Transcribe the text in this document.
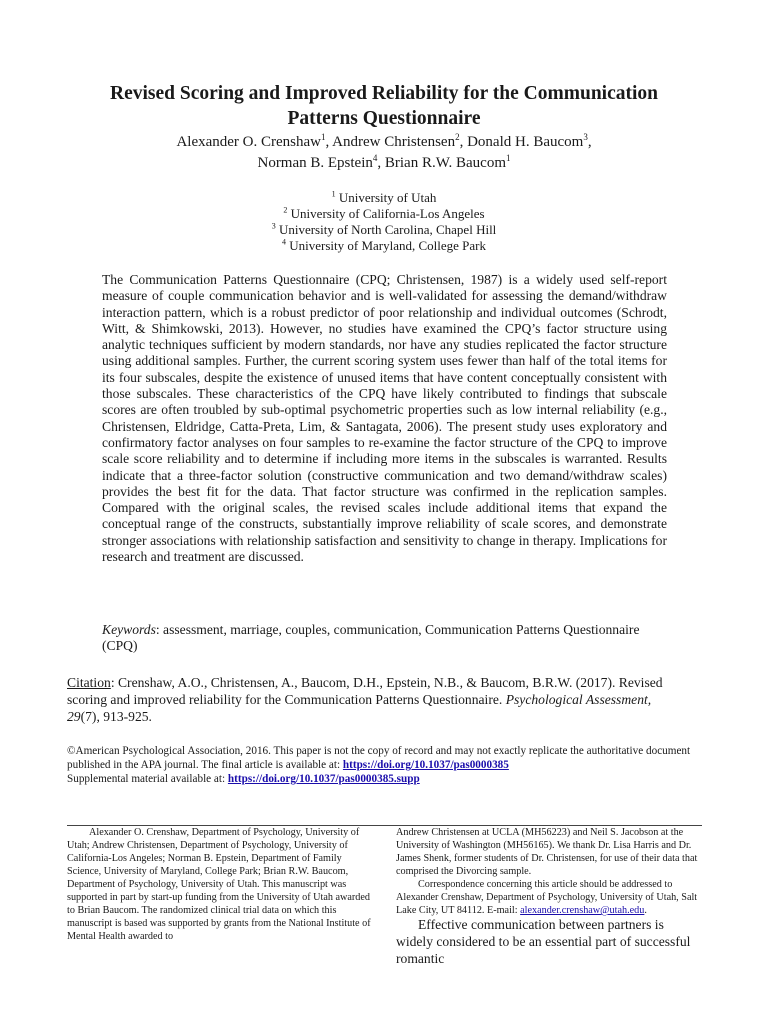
Revised Scoring and Improved Reliability for the Communication
Patterns Questionnaire
Alexander O. Crenshaw$^1$, Andrew Christensen$^2$, Donald H. Baucom$^3$,
Norman B. Epstein$^4$, Brian R.W. Baucom$^1$
$^1$ University of Utah
$^2$ University of California-Los Angeles
$^3$ University of North Carolina, Chapel Hill
$^4$ University of Maryland, College Park

The Communication Patterns Questionnaire (CPQ; Christensen, 1987) is a widely used self-report measure of couple communication behavior and is well-validated for assessing the demand/withdraw interaction pattern, which is a robust predictor of poor relationship and individual outcomes (Schrodt, Witt, & Shimkowski, 2013). However, no studies have examined the CPQ’s factor structure using analytic techniques sufficient by modern standards, nor have any studies replicated the factor structure using additional samples. Further, the current scoring system uses fewer than half of the total items for its four subscales, despite the existence of unused items that have content conceptually consistent with those subscales. These characteristics of the CPQ have likely contributed to findings that subscale scores are often troubled by sub-optimal psychometric properties such as low internal reliability (e.g., Christensen, Eldridge, Catta-Preta, Lim, & Santagata, 2006). The present study uses exploratory and confirmatory factor analyses on four samples to re-examine the factor structure of the CPQ to improve scale score reliability and to determine if including more items in the subscales is warranted. Results indicate that a three-factor solution (constructive communication and two demand/withdraw scales) provides the best fit for the data. That factor structure was confirmed in the replication samples. Compared with the original scales, the revised scales include additional items that expand the conceptual range of the constructs, substantially improve reliability of scale scores, and demonstrate stronger associations with relationship satisfaction and sensitivity to change in therapy. Implications for research and treatment are discussed.

Keywords: assessment, marriage, couples, communication, Communication Patterns Questionnaire (CPQ)

Citation: Crenshaw, A.O., Christensen, A., Baucom, D.H., Epstein, N.B., & Baucom, B.R.W. (2017). Revised scoring and improved reliability for the Communication Patterns Questionnaire. Psychological Assessment, 29(7), 913-925.

©American Psychological Association, 2016. This paper is not the copy of record and may not exactly replicate the authoritative document published in the APA journal. The final article is available at: https://doi.org/10.1037/pas0000385
Supplemental material available at: https://doi.org/10.1037/pas0000385.supp

Alexander O. Crenshaw, Department of Psychology, University of Utah; Andrew Christensen, Department of Psychology, University of California-Los Angeles; Norman B. Epstein, Department of Family Science, University of Maryland, College Park; Brian R.W. Baucom, Department of Psychology, University of Utah. This manuscript was supported in part by start-up funding from the University of Utah awarded to Brian Baucom. The randomized clinical trial data on which this manuscript is based was supported by grants from the National Institute of Mental Health awarded to

Andrew Christensen at UCLA (MH56223) and Neil S. Jacobson at the University of Washington (MH56165). We thank Dr. Lisa Harris and Dr. James Shenk, former students of Dr. Christensen, for use of their data that comprised the Divorcing sample.

Correspondence concerning this article should be addressed to Alexander Crenshaw, Department of Psychology, University of Utah, Salt Lake City, UT 84112. E-mail: alexander.crenshaw@utah.edu.

Effective communication between partners is widely considered to be an essential part of successful romantic
